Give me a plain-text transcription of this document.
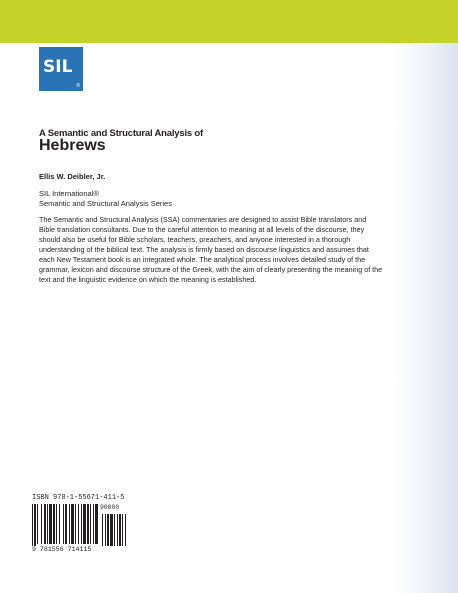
SIL
®
A Semantic and Structural Analysis of
Hebrews
Ellis W. Deibler, Jr.
SIL International®
Semantic and Structural Analysis Series

The Semantic and Structural Analysis (SSA) commentaries are designed to assist Bible translators and Bible translation consultants. Due to the careful attention to meaning at all levels of the discourse, they should also be useful for Bible scholars, teachers, preachers, and anyone interested in a thorough understanding of the biblical text. The analysis is firmly based on discourse linguistics and assumes that each New Testament book is an integrated whole. The analytical process involves detailed study of the grammar, lexicon and discourse structure of the Greek, with the aim of clearly presenting the meaning of the text and the linguistic evidence on which the meaning is established.

ISBN 978-1-55671-411-5
90000
9 781556 714115
